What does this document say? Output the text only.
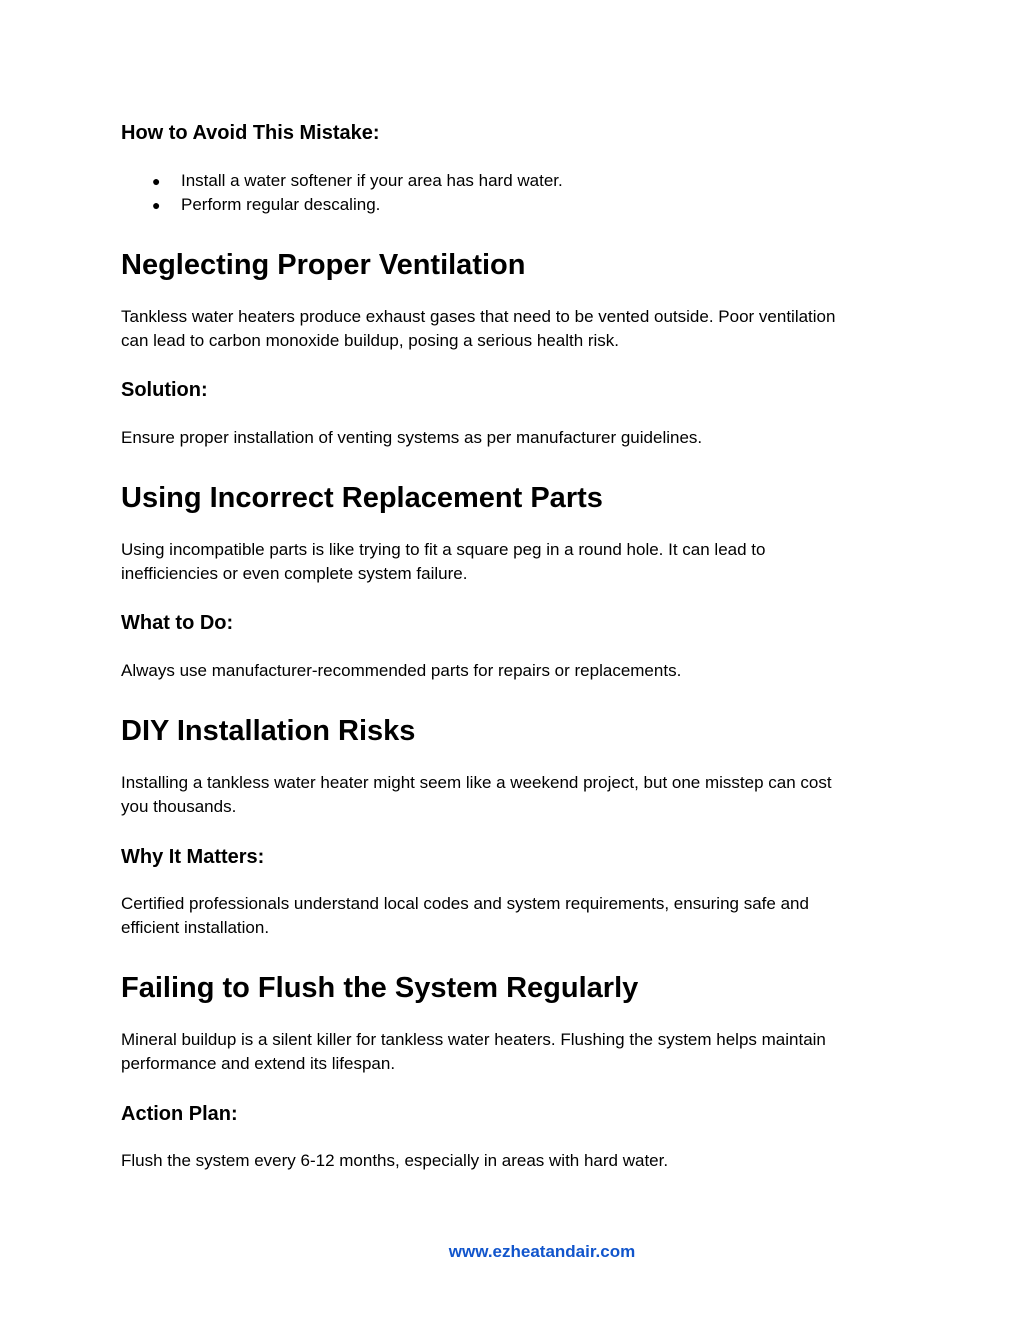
How to Avoid This Mistake:
● Install a water softener if your area has hard water.
● Perform regular descaling.
Neglecting Proper Ventilation

Tankless water heaters produce exhaust gases that need to be vented outside. Poor ventilation

can lead to carbon monoxide buildup, posing a serious health risk.

Solution:

Ensure proper installation of venting systems as per manufacturer guidelines.

Using Incorrect Replacement Parts

Using incompatible parts is like trying to fit a square peg in a round hole. It can lead to

inefficiencies or even complete system failure.

What to Do:

Always use manufacturer-recommended parts for repairs or replacements.

DIY Installation Risks

Installing a tankless water heater might seem like a weekend project, but one misstep can cost

you thousands.

Why It Matters:

Certified professionals understand local codes and system requirements, ensuring safe and

efficient installation.

Failing to Flush the System Regularly

Mineral buildup is a silent killer for tankless water heaters. Flushing the system helps maintain

performance and extend its lifespan.

Action Plan:

Flush the system every 6-12 months, especially in areas with hard water.

www.ezheatandair.com
